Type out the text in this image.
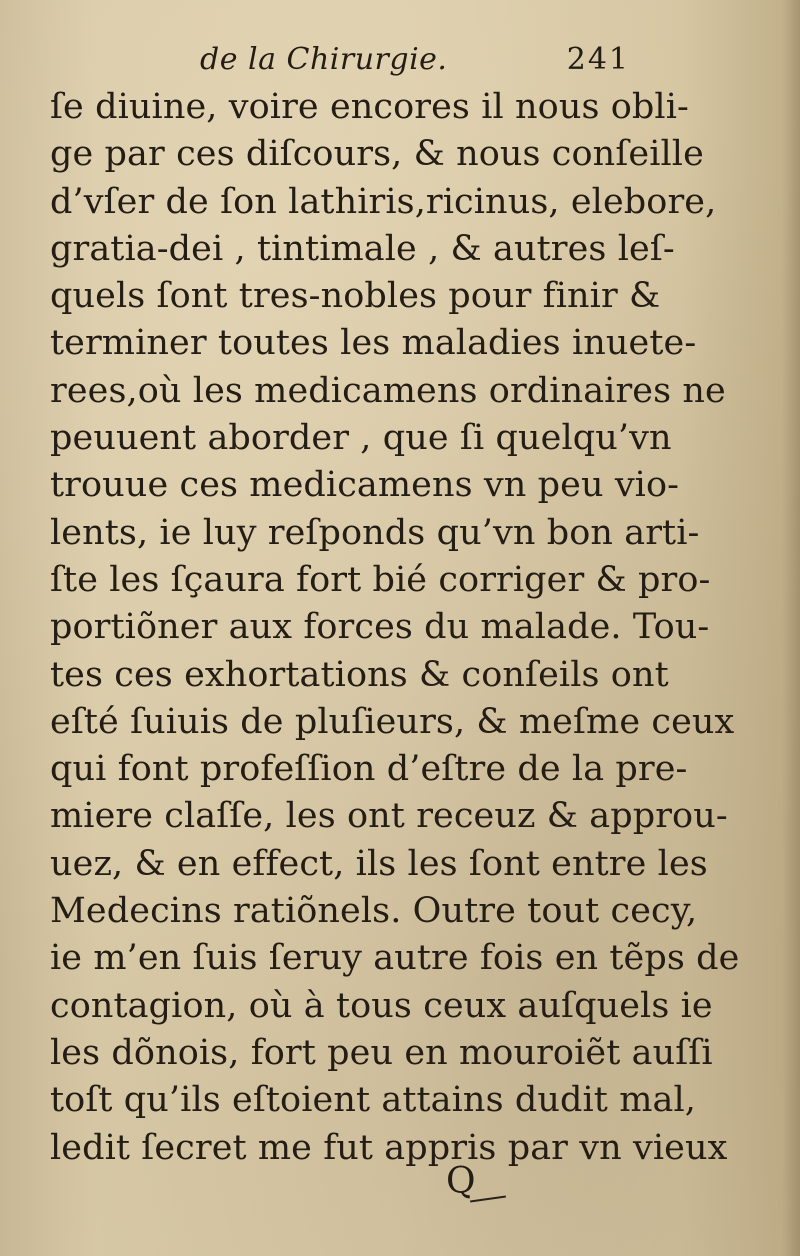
de la Chirurgie.	241
ſe diuine, voire encores il nous obli-
ge par ces diſcours, & nous conſeille
d’vſer de ſon lathiris,ricinus, elebore,
gratia-dei , tintimale , & autres leſ-
quels ſont tres-nobles pour finir &
terminer toutes les maladies inuete-
rees,où les medicamens ordinaires ne
peuuent aborder , que ſi quelqu’vn
trouue ces medicamens vn peu vio-
lents, ie luy reſponds qu’vn bon arti-
ſte les ſçaura fort bié corriger & pro-
portiõner aux forces du malade. Tou-
tes ces exhortations & conſeils ont
eſté ſuiuis de pluſieurs, & meſme ceux
qui font profeſſion d’eſtre de la pre-
miere claſſe, les ont receuz & approu-
uez, & en effect, ils les ſont entre les
Medecins ratiõnels. Outre tout cecy,
ie m’en ſuis ſeruy autre fois en tẽps de
contagion, où à tous ceux auſquels ie
les dõnois, fort peu en mouroiẽt auſſi
toſt qu’ils eſtoient attains dudit mal,
ledit ſecret me fut appris par vn vieux
Q
